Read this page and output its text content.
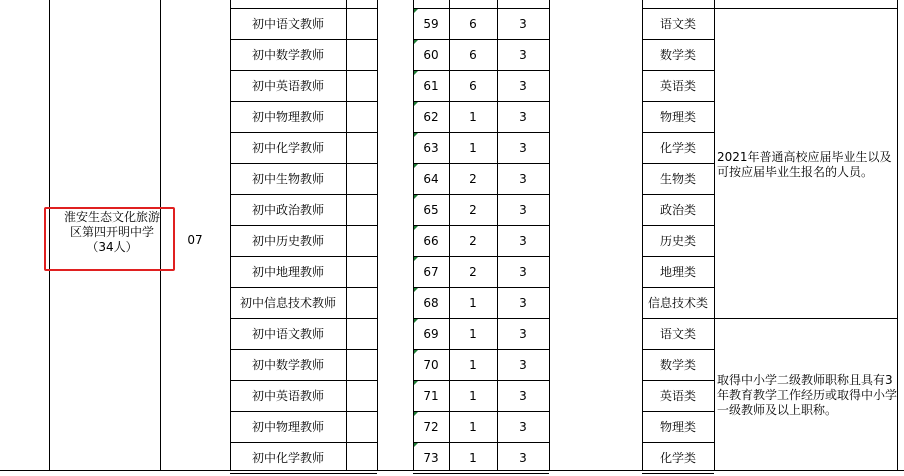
淮安生态文化旅游
区第四开明中学
（34人）	07
初中语文教师	59	6	3	语文类
初中数学教师	60	6	3	数学类
初中英语教师	61	6	3	英语类
初中物理教师	62	1	3	物理类
初中化学教师	63	1	3	化学类
初中生物教师	64	2	3	生物类
初中政治教师	65	2	3	政治类
初中历史教师	66	2	3	历史类
初中地理教师	67	2	3	地理类
初中信息技术教师	68	1	3	信息技术类
初中语文教师	69	1	3	语文类
初中数学教师	70	1	3	数学类
初中英语教师	71	1	3	英语类
初中物理教师	72	1	3	物理类
初中化学教师	73	1	3	化学类
2021年普通高校应届毕业生以及可按应届毕业生报名的人员。
取得中小学二级教师职称且具有3年教育教学工作经历或取得中小学一级教师及以上职称。
